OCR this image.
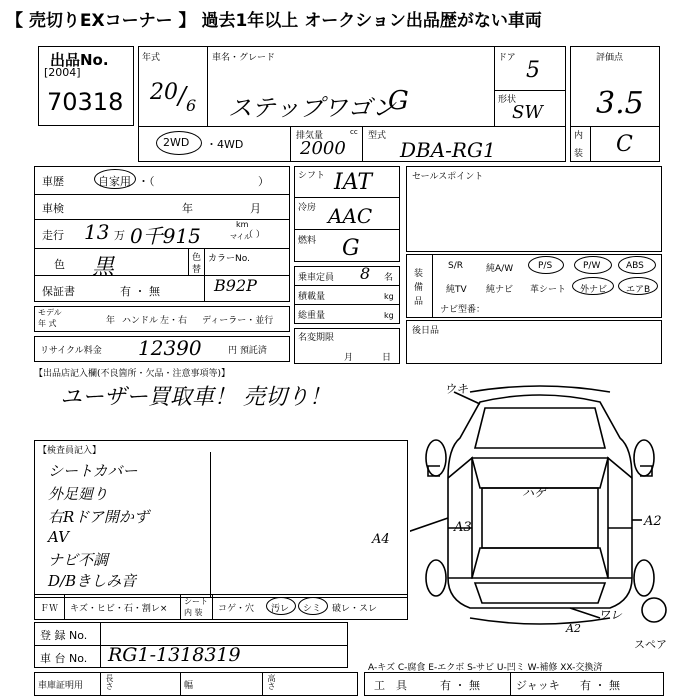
【 売切りEXコーナー 】 過去1年以上 オークション出品歴がない車両
出品No.
[2004]
70318
年式
20 / 6
車名・グレード
ステップワゴン
G
ドア 5
形状
SW
2WD ・4WD
排気量	cc
2000
型式
DBA-RG1
評価点
3.5
内
装 C
車歴	自家用 ・（	）
車検	年	月
走行 13 万 0千915	km
マイル
（ ）
色 黒	色
替
カラーNo.
B92P
保証書	有 ・ 無
モデル
年 式	年 ハンドル 左・右 ディーラー・並行
リサイクル料金 12390	円 預託済
シフト IAT
冷房 AAC
燃料 G
乗車定員 8 名
積載量	kg
総重量	kg
名変期限
月	日
セールスポイント
装
備
品
S/R	純A/W	P/S	P/W	ABS
純TV 純ナビ 革シート 外ナビ エアB
ナビ型番：
後日品
【出品店記入欄(不良箇所・欠品・注意事項等)】
ユーザー買取車！ 売切り！
【検査員記入】
シートカバー
外足廻り
右Rドア開かず
AV
ナビ不調
D/Bきしみ音
ウキ
ハゲ
A4
A3	A2
A2
ワレ
スペア
ＦＷ キズ・ヒビ・石・割レ×
シート
内 装 コゲ・穴 汚レ シミ 破レ・スレ
登 録 No.
車 台 No. RG1-1318319
車庫証明用	長さ	幅	高さ
A-キズ C-腐食 E-エクボ S-サビ U-凹ミ W-補修 XX-交換済
工　具	有 ・ 無	ジャッキ 有 ・ 無
